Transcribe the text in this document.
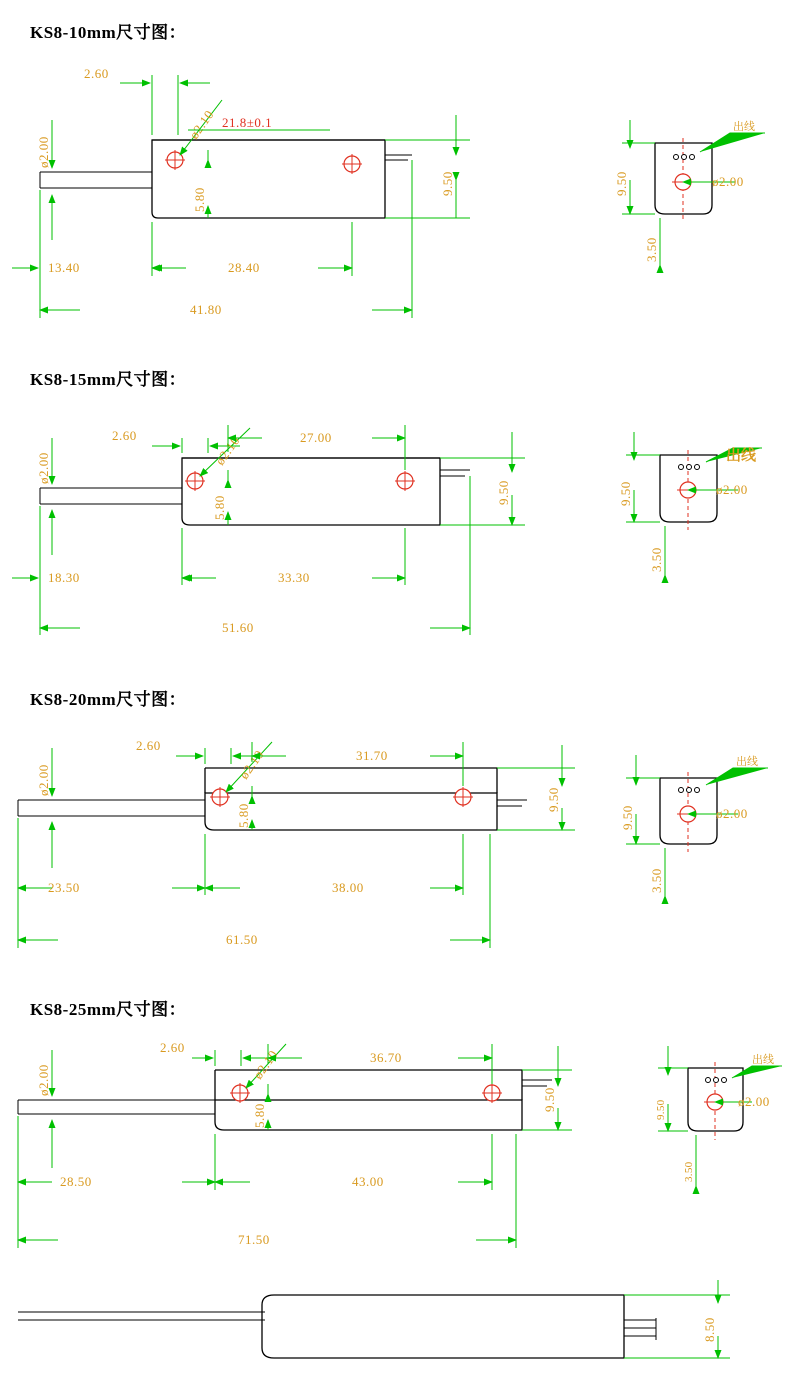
KS8-10mm尺寸图：
KS8-15mm尺寸图：
KS8-20mm尺寸图：
KS8-25mm尺寸图：
2.60
ø2.00
ø2.10 21.8±0.1
5.80
9.50
13.40	28.40
41.80
9.50	ø2.00
3.50
出线
2.60
ø2.00
ø2.10
5.80
27.00
9.50
18.30	33.30
51.60
9.50	ø2.00
3.50
出线
2.60
ø2.00	ø2.10
5.80
31.70
9.50
23.50	38.00
61.50
9.50	ø2.00
3.50
出线
2.60
ø2.00	ø2.10
5.80
36.70
9.50
28.50	43.00
71.50
9.50	ø2.00
3.50
出线
8.50
